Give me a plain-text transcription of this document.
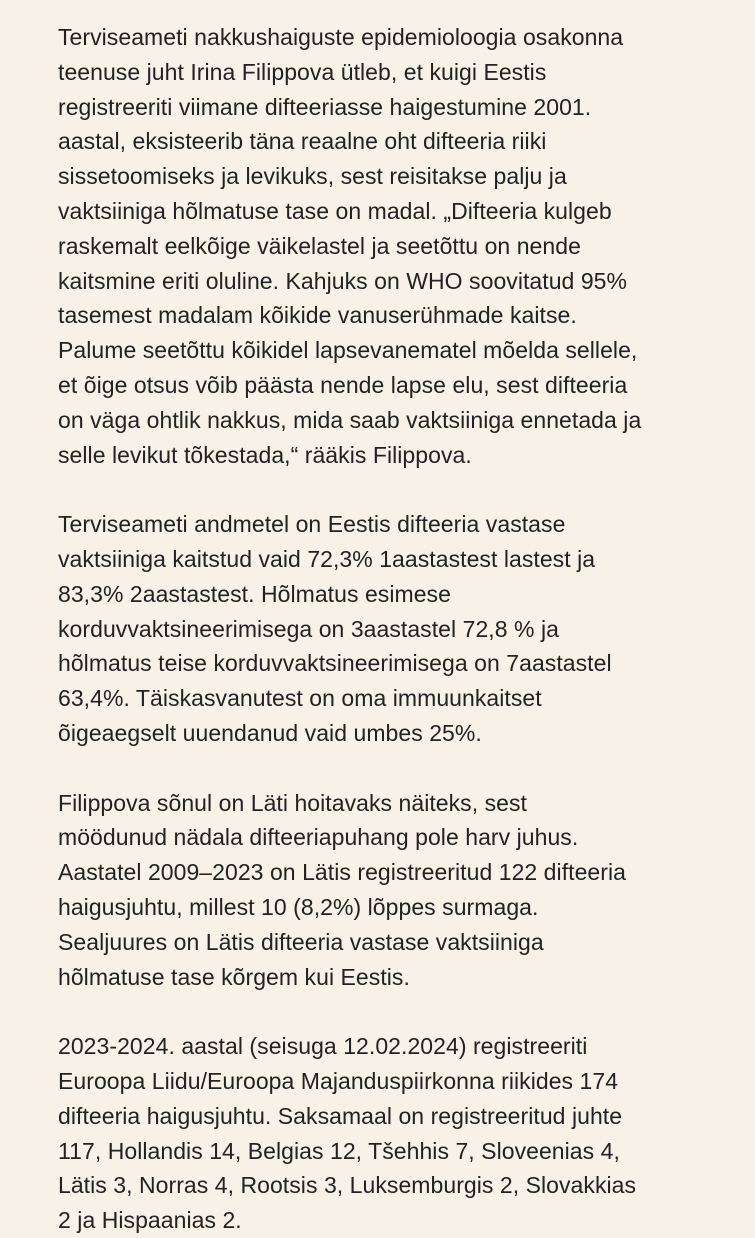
Terviseameti nakkushaiguste epidemioloogia osakonna
teenuse juht Irina Filippova ütleb, et kuigi Eestis
registreeriti viimane difteeriasse haigestumine 2001.
aastal, eksisteerib täna reaalne oht difteeria riiki
sissetoomiseks ja levikuks, sest reisitakse palju ja
vaktsiiniga hõlmatuse tase on madal. „Difteeria kulgeb
raskemalt eelkõige väikelastel ja seetõttu on nende
kaitsmine eriti oluline. Kahjuks on WHO soovitatud 95%
tasemest madalam kõikide vanuserühmade kaitse.
Palume seetõttu kõikidel lapsevanematel mõelda sellele,
et õige otsus võib päästa nende lapse elu, sest difteeria
on väga ohtlik nakkus, mida saab vaktsiiniga ennetada ja
selle levikut tõkestada,“ rääkis Filippova.

Terviseameti andmetel on Eestis difteeria vastase
vaktsiiniga kaitstud vaid 72,3% 1aastastest lastest ja
83,3% 2aastastest. Hõlmatus esimese
korduvvaktsineerimisega on 3aastastel 72,8 % ja
hõlmatus teise korduvvaktsineerimisega on 7aastastel
63,4%. Täiskasvanutest on oma immuunkaitset
õigeaegselt uuendanud vaid umbes 25%.

Filippova sõnul on Läti hoitavaks näiteks, sest
möödunud nädala difteeriapuhang pole harv juhus.
Aastatel 2009–2023 on Lätis registreeritud 122 difteeria
haigusjuhtu, millest 10 (8,2%) lõppes surmaga.
Sealjuures on Lätis difteeria vastase vaktsiiniga
hõlmatuse tase kõrgem kui Eestis.

2023-2024. aastal (seisuga 12.02.2024) registreeriti
Euroopa Liidu/Euroopa Majanduspiirkonna riikides 174
difteeria haigusjuhtu. Saksamaal on registreeritud juhte
117, Hollandis 14, Belgias 12, Tšehhis 7, Sloveenias 4,
Lätis 3, Norras 4, Rootsis 3, Luksemburgis 2, Slovakkias
2 ja Hispaanias 2.
